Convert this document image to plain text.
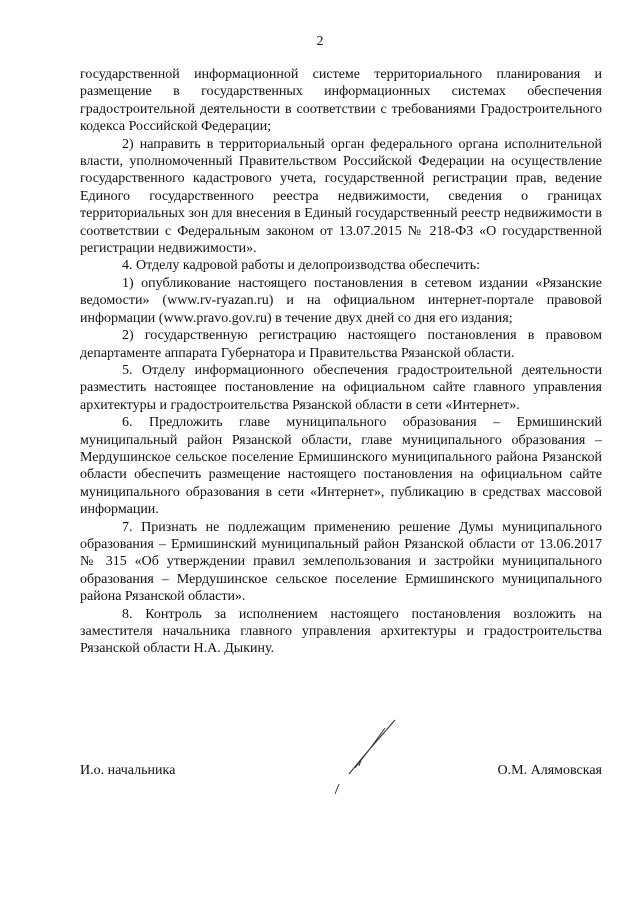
2

государственной информационной системе территориального планирования и размещение в государственных информационных системах обеспечения градостроительной деятельности в соответствии с требованиями Градостроительного кодекса Российской Федерации;

2) направить в территориальный орган федерального органа исполнительной власти, уполномоченный Правительством Российской Федерации на осуществление государственного кадастрового учета, государственной регистрации прав, ведение Единого государственного реестра недвижимости, сведения о границах территориальных зон для внесения в Единый государственный реестр недвижимости в соответствии с Федеральным законом от 13.07.2015 № 218-ФЗ «О государственной регистрации недвижимости».

4. Отделу кадровой работы и делопроизводства обеспечить:

1) опубликование настоящего постановления в сетевом издании «Рязанские ведомости» (www.rv-ryazan.ru) и на официальном интернет-портале правовой информации (www.pravo.gov.ru) в течение двух дней со дня его издания;

2) государственную регистрацию настоящего постановления в правовом департаменте аппарата Губернатора и Правительства Рязанской области.

5. Отделу информационного обеспечения градостроительной деятельности разместить настоящее постановление на официальном сайте главного управления архитектуры и градостроительства Рязанской области в сети «Интернет».

6. Предложить главе муниципального образования – Ермишинский муниципальный район Рязанской области, главе муниципального образования – Мердушинское сельское поселение Ермишинского муниципального района Рязанской области обеспечить размещение настоящего постановления на официальном сайте муниципального образования в сети «Интернет», публикацию в средствах массовой информации.

7. Признать не подлежащим применению решение Думы муниципального образования – Ермишинский муниципальный район Рязанской области от 13.06.2017 № 315 «Об утверждении правил землепользования и застройки муниципального образования – Мердушинское сельское поселение Ермишинского муниципального района Рязанской области».

8. Контроль за исполнением настоящего постановления возложить на заместителя начальника главного управления архитектуры и градостроительства Рязанской области Н.А. Дыкину.

И.о. начальника	О.М. Алямовская
